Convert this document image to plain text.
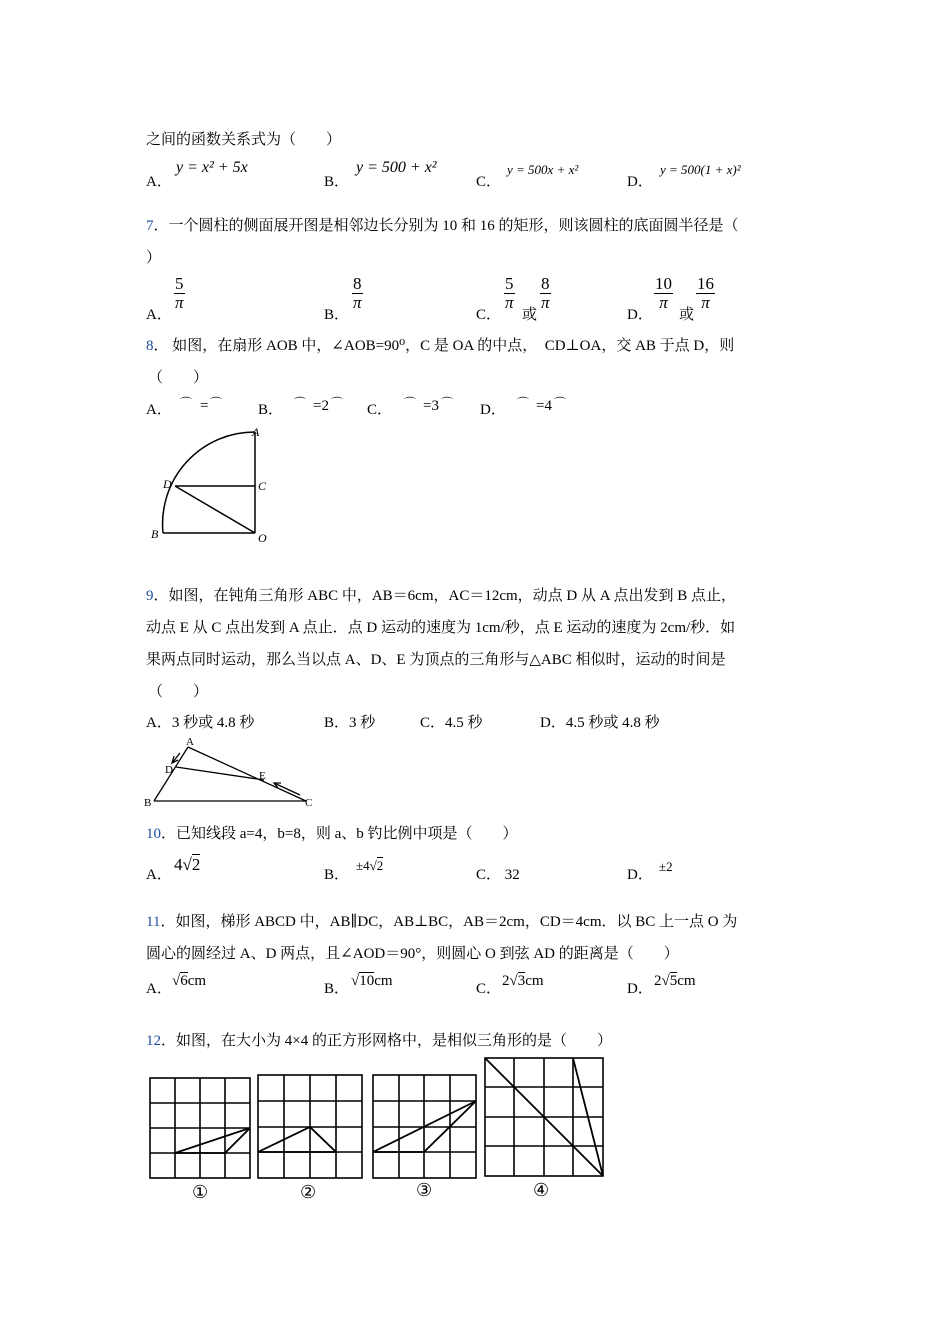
之间的函数关系式为（　　）
A．
y = x² + 5x
B．
y = 500 + x²
C．
y = 500x + x²
D．
y = 500(1 + x)²
7．一个圆柱的侧面展开图是相邻边长分别为 10 和 16 的矩形，则该圆柱的底面圆半径是（
）
A．
$\frac{5}{\pi}$
B．
$\frac{8}{\pi}$
C．
$\frac{5}{\pi}$
或
$\frac{8}{\pi}$
D．
$\frac{10}{\pi}$
或
$\frac{16}{\pi}$
8． 如图，在扇形 AOB 中，∠AOB=90⁰，C 是 OA 的中点，　CD⊥OA，交 AB 于点 D，则
（　　）
A． ⌒ = ⌒ B． ⌒ =2 ⌒ C． ⌒ =3 ⌒ D． ⌒ =4 ⌒
A
B
C
D
O
9．如图，在钝角三角形 ABC 中，AB＝6cm，AC＝12cm，动点 D 从 A 点出发到 B 点止，
动点 E 从 C 点出发到 A 点止．点 D 运动的速度为 1cm/秒，点 E 运动的速度为 2cm/秒．如
果两点同时运动，那么当以点 A、D、E 为顶点的三角形与△ABC 相似时，运动的时间是
（　　）
A．3 秒或 4.8 秒	B．3 秒	C．4.5 秒	D．4.5 秒或 4.8 秒
A
B	C
D	E
10．已知线段 a=4，b=8，则 a、b 钓比例中项是（　　）
A．
4√2
B．
±4√2
C． 32	D．
±2
11．如图，梯形 ABCD 中，AB∥DC，AB⊥BC，AB＝2cm，CD＝4cm．以 BC 上一点 O 为
圆心的圆经过 A、D 两点，且∠AOD＝90°，则圆心 O 到弦 AD 的距离是（　　）
A． √6cm	B． √10cm	C． 2√3cm	D． 2√5cm
12．如图，在大小为 4×4 的正方形网格中，是相似三角形的是（　　）
①	②	③	④
